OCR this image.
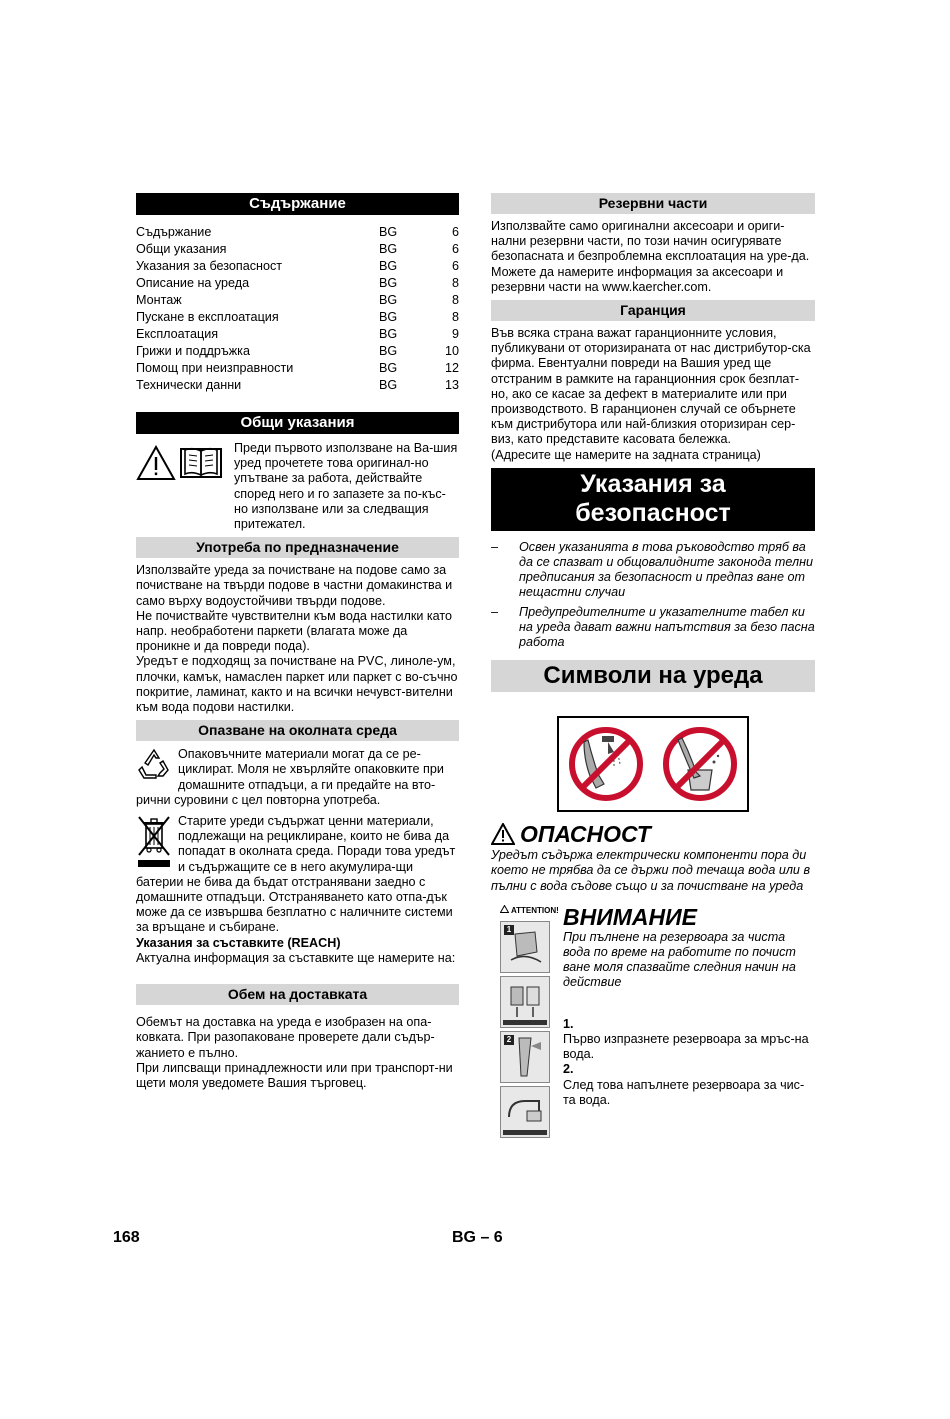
Съдържание
Съдържание	BG	6
Общи указания	BG	6
Указания за безопасност	BG	6
Описание на уреда	BG	8
Монтаж	BG	8
Пускане в експлоатация	BG	8
Експлоатация	BG	9
Грижи и поддръжка	BG	10
Помощ при неизправности	BG	12
Технически данни	BG	13
Общи указания

Преди първото използване на Ва-шия уред прочетете това оригинал-но упътване за работа, действайте според него и го запазете за по-къс-но използване или за следващия притежател.

Употреба по предназначение

Използвайте уреда за почистване на подове само за почистване на твърди подове в частни домакинства и само върху водоустойчиви твърди подове.

Не почиствайте чувствителни към вода настилки като напр. необработени паркети (влагата може да проникне и да повреди пода).

Уредът е подходящ за почистване на PVC, линоле-ум, плочки, камък, намаслен паркет или паркет с во-съчно покритие, ламинат, както и на всички нечувст-вителни към вода подови настилки.

Опазване на околната среда

Опаковъчните материали могат да се ре-циклират. Моля не хвърляйте опаковките при домашните отпадъци, а ги предайте на вто-рични суровини с цел повторна употреба.

Старите уреди съдържат ценни материали, подлежащи на рециклиране, които не бива да попадат в околната среда. Поради това уредът и съдържащите се в него акумулира-щи батерии не бива да бъдат отстранявани заедно с домашните отпадъци. Отстраняването като отпа-дък може да се извършва безплатно с наличните системи за връщане и събиране.

Указания за съставките (REACH)

Актуална информация за съставките ще намерите на:

Обем на доставката

Обемът на доставка на уреда е изобразен на опа-ковката. При разопаковане проверете дали съдър-жанието е пълно.

При липсващи принадлежности или при транспорт-ни щети моля уведомете Вашия търговец.

Резервни части

Използвайте само оригинални аксесоари и ориги-нални резервни части, по този начин осигурявате безопасната и безпроблемна експлоатация на уре-да.

Можете да намерите информация за аксесоари и резервни части на www.kaercher.com.

Гаранция

Във всяка страна важат гаранционните условия, публикувани от оторизираната от нас дистрибутор-ска фирма. Евентуални повреди на Вашия уред ще отстраним в рамките на гаранционния срок безплат-но, ако се касае за дефект в материалите или при производството. В гаранционен случай се обърнете към дистрибутора или най-близкия оторизиран сер-виз, като представите касовата бележка.

(Адресите ще намерите на задната страница)

Указания за
безопасност
–	Освен указанията в това ръководство тряб ва да се спазват и общовалидните законода телни предписания за безопасност и предпаз ване от нещастни случаи
–	Предупредителните и указателните табел ки на уреда дават важни напътствия за безо пасна работа
Символи на уреда
ОПАСНОСТ

Уредът съдържа електрически компоненти пора ди което не трябва да се държи под течаща вода или в пълни с вода съдове също и за почистване на уреда

ATTENTION!
1
2
ВНИМАНИЕ

При пълнене на резервоара за чиста вода по време на работите по почист ване моля спазвайте следния начин на действие

1.

Първо изпразнете резервоара за мръс-на вода.

2.

След това напълнете резервоара за чис-та вода.

168	BG – 6
